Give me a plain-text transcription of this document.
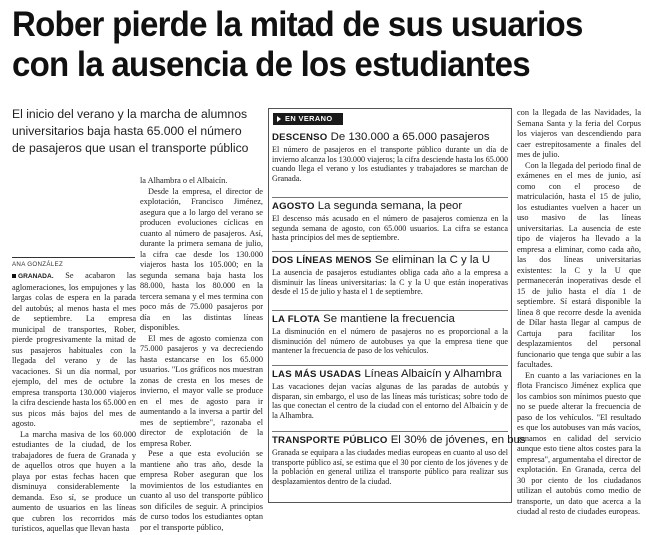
Rober pierde la mitad de sus usuarios
con la ausencia de los estudiantes
El inicio del verano y la marcha de alumnos universitarios baja hasta 65.000 el número de pasajeros que usan el transporte público
ANA GONZÁLEZ

GRANADA. Se acabaron las aglomeraciones, los empujones y las largas colas de espera en la parada del autobús; al menos hasta el mes de septiembre. La empresa municipal de transportes, Rober, pierde progresivamente la mitad de sus pasajeros habituales con la llegada del verano y de las vacaciones. Si un día normal, por ejemplo, del mes de octubre la empresa transporta 130.000 viajeros la cifra desciende hasta los 65.000 en sus picos más bajos del mes de agosto.

La marcha masiva de los 60.000 estudiantes de la ciudad, de los trabajadores de fuera de Granada y de aquellos otros que huyen a la playa por estas fechas hacen que disminuya considerablemente la demanda. Eso sí, se produce un aumento de usuarios en las líneas que cubren los recorridos más turísticos, aquellas que llevan hasta

la Alhambra o el Albaicín.

Desde la empresa, el director de explotación, Francisco Jiménez, asegura que a lo largo del verano se producen evoluciones cíclicas en cuanto al número de pasajeros. Así, durante la primera semana de julio, la cifra cae desde los 130.000 viajeros hasta los 105.000; en la segunda semana baja hasta los 88.000, hasta los 80.000 en la tercera semana y el mes termina con poco más de 75.000 pasajeros por día en las distintas líneas disponibles.

El mes de agosto comienza con 75.000 pasajeros y va decreciendo hasta estancarse en los 65.000 usuarios. "Los gráficos nos muestran zonas de cresta en los meses de invierno, el mayor valle se produce en el mes de agosto para ir aumentando a la inversa a partir del mes de septiembre", razonaba el director de explotación de la empresa Rober.

Pese a que esta evolución se mantiene año tras año, desde la empresa Rober aseguran que los movimientos de los estudiantes en cuanto al uso del transporte público son difíciles de seguir. A principios de curso todos los estudiantes optan por el transporte público,

EN VERANO
DESCENSO De 130.000 a 65.000 pasajeros
El número de pasajeros en el transporte público durante un día de invierno alcanza los 130.000 viajeros; la cifra desciende hasta los 65.000 cuando llega el verano y los estudiantes y trabajadores se marchan de Granada.
AGOSTO La segunda semana, la peor
El descenso más acusado en el número de pasajeros comienza en la segunda semana de agosto, con 65.000 usuarios. La cifra se estanca hasta principios del mes de septiembre.
DOS LÍNEAS MENOS Se eliminan la C y la U
La ausencia de pasajeros estudiantes obliga cada año a la empresa a disminuir las líneas universitarias: la C y la U que están inoperativas desde el 15 de julio y hasta el 1 de septiembre.
LA FLOTA Se mantiene la frecuencia
La disminución en el número de pasajeros no es proporcional a la disminución del número de autobuses ya que la empresa tiene que mantener la frecuencia de paso de los vehículos.
LAS MÁS USADAS Líneas Albaicín y Alhambra
Las vacaciones dejan vacías algunas de las paradas de autobús y disparan, sin embargo, el uso de las líneas más turísticas; sobre todo de las que conectan el centro de la ciudad con el entorno del Albaicín y de la Alhambra.
TRANSPORTE PÚBLICO El 30% de jóvenes, en bus
Granada se equipara a las ciudades medias europeas en cuanto al uso del transporte público así, se estima que el 30 por ciento de los jóvenes y de la población en general utiliza el transporte público para realizar sus desplazamientos dentro de la ciudad.

con la llegada de las Navidades, la Semana Santa y la feria del Corpus los viajeros van descendiendo para caer estrepitosamente a finales del mes de julio.

Con la llegada del periodo final de exámenes en el mes de junio, así como con el proceso de matriculación, hasta el 15 de julio, los estudiantes vuelven a hacer un uso masivo de las líneas universitarias. La ausencia de este tipo de viajeros ha llevado a la empresa a eliminar, como cada año, las dos líneas universitarias existentes: la C y la U que permanecerán inoperativas desde el 15 de julio hasta el día 1 de septiembre. Sí estará disponible la línea 8 que recorre desde la avenida de Dílar hasta llegar al campus de Cartuja para facilitar los desplazamientos del personal funcionario que tenga que subir a las facultades.

En cuanto a las variaciones en la flota Francisco Jiménez explica que los cambios son mínimos puesto que no se puede alterar la frecuencia de paso de los vehículos. "El resultado es que los autobuses van más vacíos, ganamos en calidad del servicio aunque esto tiene altos costes para la empresa", argumentaba el director de explotación. En Granada, cerca del 30 por ciento de los ciudadanos utilizan el autobús como medio de transporte, un dato que acerca a la ciudad al resto de ciudades europeas.
